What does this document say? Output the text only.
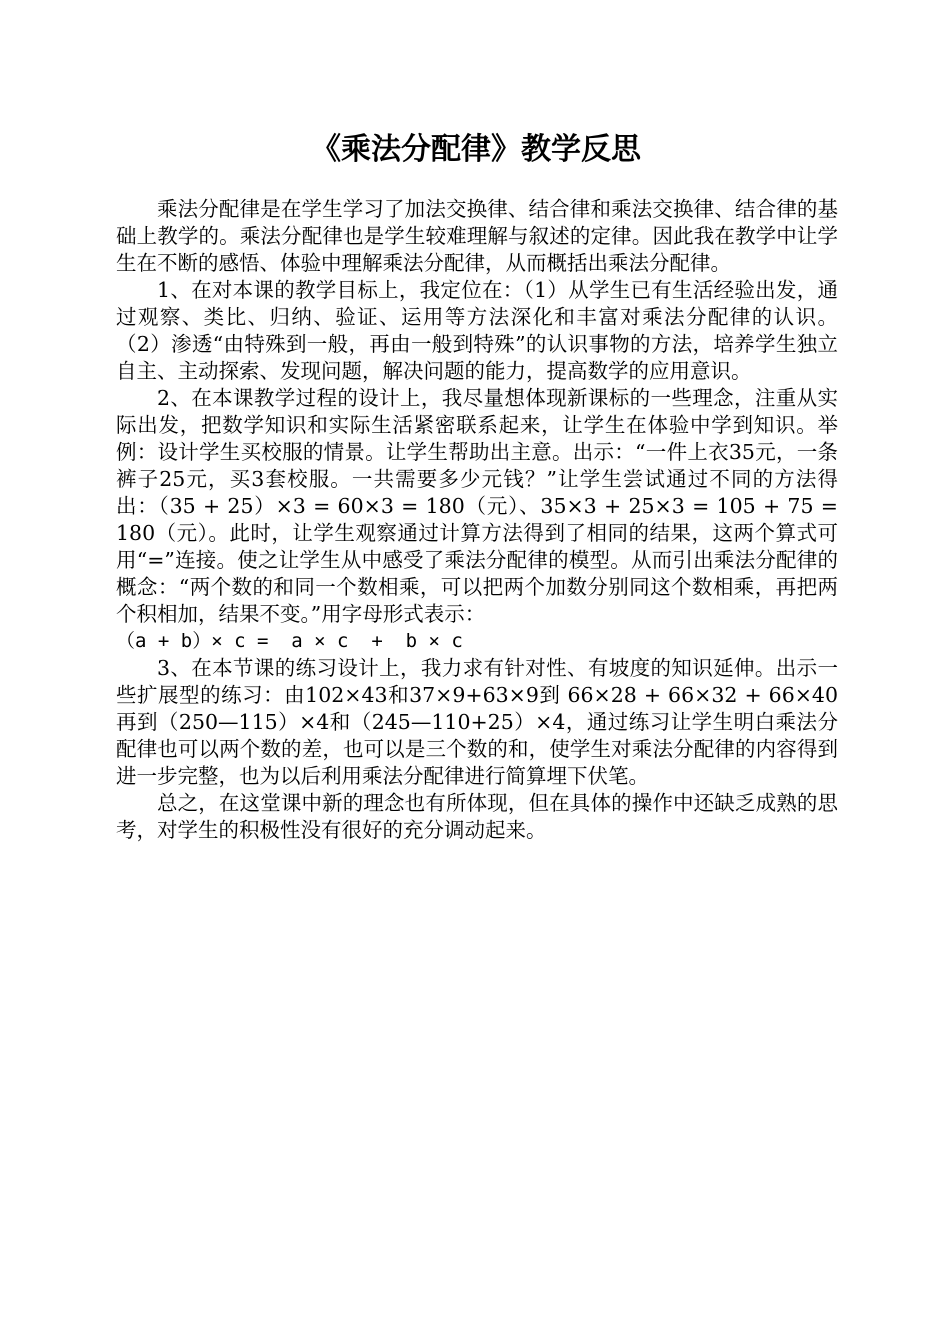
《乘法分配律》教学反思

乘法分配律是在学生学习了加法交换律、结合律和乘法交换律、结合律的基础上教学的。乘法分配律也是学生较难理解与叙述的定律。因此我在教学中让学生在不断的感悟、体验中理解乘法分配律，从而概括出乘法分配律。

1、在对本课的教学目标上，我定位在：（1）从学生已有生活经验出发，通过观察、类比、归纳、验证、运用等方法深化和丰富对乘法分配律的认识。 （2）渗透“由特殊到一般，再由一般到特殊”的认识事物的方法，培养学生独立自主、主动探索、发现问题，解决问题的能力，提高数学的应用意识。

2、在本课教学过程的设计上，我尽量想体现新课标的一些理念，注重从实际出发，把数学知识和实际生活紧密联系起来，让学生在体验中学到知识。举例：设计学生买校服的情景。让学生帮助出主意。出示：“一件上衣35元，一条裤子25元，买3套校服。一共需要多少元钱？”让学生尝试通过不同的方法得出：（35 + 25）×3 = 60×3 = 180（元）、35×3 + 25×3 = 105 + 75 = 180（元）。此时，让学生观察通过计算方法得到了相同的结果，这两个算式可用“=”连接。使之让学生从中感受了乘法分配律的模型。从而引出乘法分配律的概念：“两个数的和同一个数相乘，可以把两个加数分别同这个数相乘，再把两个积相加，结果不变。”用字母形式表示：

（a + b）× c =  a × c  +  b × c

3、在本节课的练习设计上，我力求有针对性、有坡度的知识延伸。出示一些扩展型的练习：由102×43和37×9+63×9到 66×28 + 66×32 + 66×40再到（250—115）×4和（245—110+25）×4，通过练习让学生明白乘法分配律也可以两个数的差，也可以是三个数的和，使学生对乘法分配律的内容得到进一步完整，也为以后利用乘法分配律进行简算埋下伏笔。

总之，在这堂课中新的理念也有所体现，但在具体的操作中还缺乏成熟的思考，对学生的积极性没有很好的充分调动起来。
